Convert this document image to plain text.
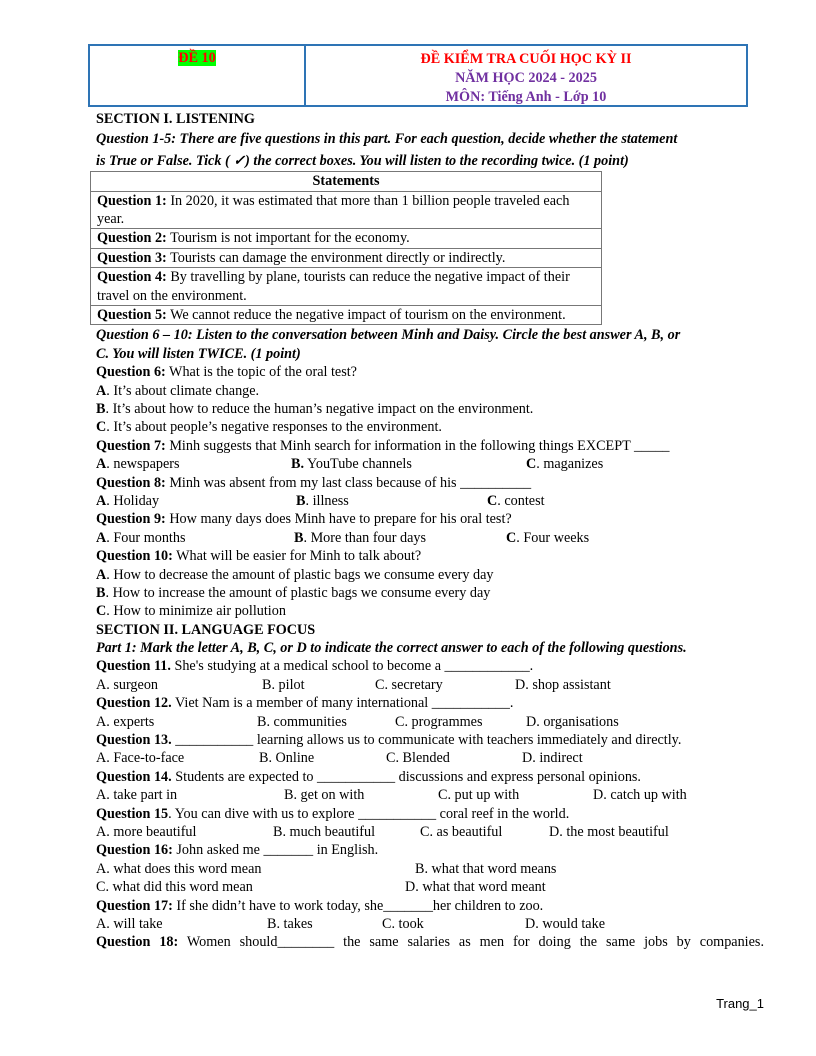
ĐỀ 10	ĐỀ KIỂM TRA CUỐI HỌC KỲ II
NĂM HỌC 2024 - 2025
MÔN: Tiếng Anh - Lớp 10
SECTION I. LISTENING
Question 1-5: There are five questions in this part. For each question, decide whether the statement
is True or False. Tick ( ✓) the correct boxes. You will listen to the recording twice. (1 point)
Statements
Question 1: In 2020, it was estimated that more than 1 billion people traveled each year.
Question 2: Tourism is not important for the economy.
Question 3: Tourists can damage the environment directly or indirectly.
Question 4: By travelling by plane, tourists can reduce the negative impact of their travel on the environment.
Question 5: We cannot reduce the negative impact of tourism on the environment.
Question 6 – 10: Listen to the conversation between Minh and Daisy. Circle the best answer A, B, or
C. You will listen TWICE. (1 point)
Question 6: What is the topic of the oral test?
A. It’s about climate change.
B. It’s about how to reduce the human’s negative impact on the environment.
C. It’s about people’s negative responses to the environment.
Question 7: Minh suggests that Minh search for information in the following things EXCEPT _____
A. newspapers	B. YouTube channels	C. maganizes
Question 8: Minh was absent from my last class because of his __________
A. Holiday	B. illness	C. contest
Question 9: How many days does Minh have to prepare for his oral test?
A. Four months	B. More than four days	C. Four weeks
Question 10: What will be easier for Minh to talk about?
A. How to decrease the amount of plastic bags we consume every day
B. How to increase the amount of plastic bags we consume every day
C. How to minimize air pollution
SECTION II. LANGUAGE FOCUS
Part 1: Mark the letter A, B, C, or D to indicate the correct answer to each of the following questions.
Question 11. She's studying at a medical school to become a ____________.
A. surgeon	B. pilot	C. secretary	D. shop assistant
Question 12. Viet Nam is a member of many international ___________.
A. experts	B. communities	C. programmes	D. organisations
Question 13. ___________ learning allows us to communicate with teachers immediately and directly.
A. Face-to-face	B. Online	C. Blended	D. indirect
Question 14. Students are expected to ___________ discussions and express personal opinions.
A. take part in	B. get on with	C. put up with	D. catch up with
Question 15. You can dive with us to explore ___________ coral reef in the world.
A. more beautiful	B. much beautiful	C. as beautiful	D. the most beautiful
Question 16: John asked me _______ in English.
A. what does this word mean	B. what that word means
C. what did this word mean	D. what that word meant
Question 17: If she didn’t have to work today, she_______her children to zoo.
A. will take	B. takes	C. took	D. would take
Question 18: Women should________ the same salaries as men for doing the same jobs by companies.
Trang_1
